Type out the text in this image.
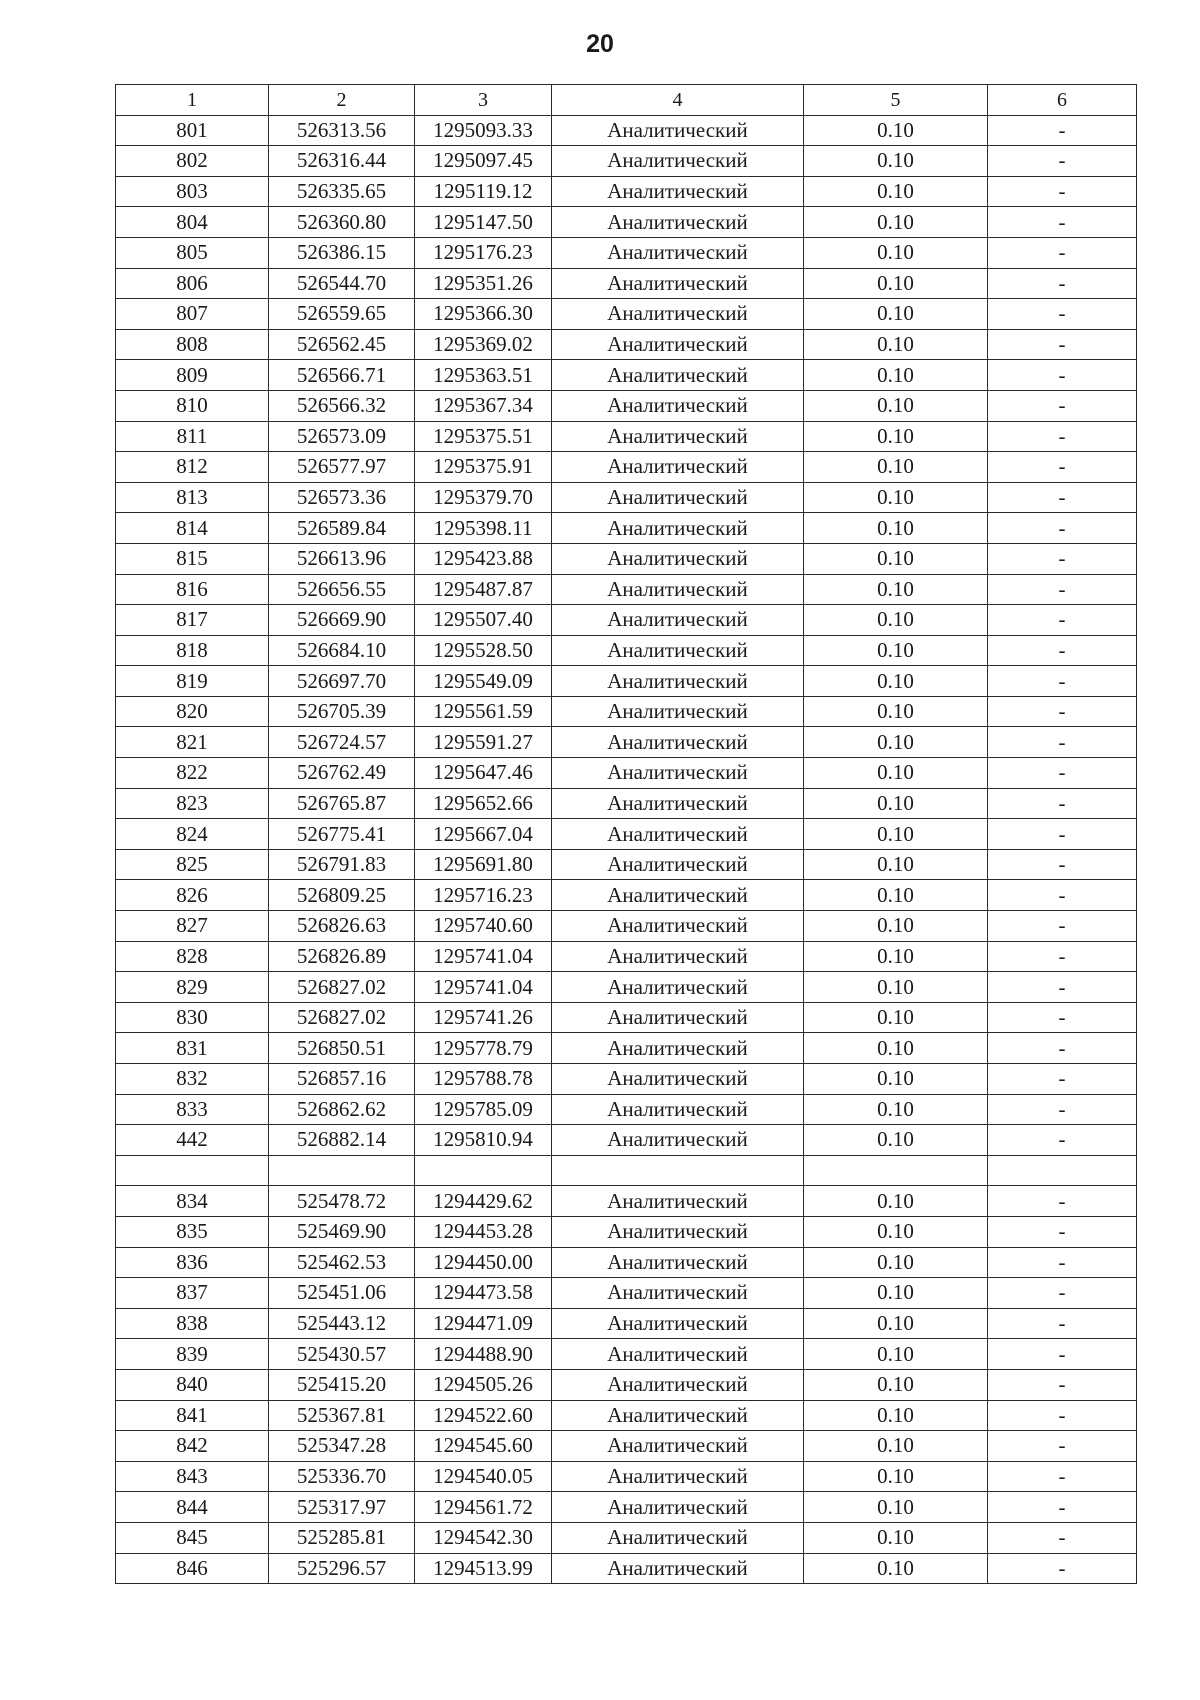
20
1	2	3	4	5	6
801	526313.56	1295093.33	Аналитический	0.10	-
802	526316.44	1295097.45	Аналитический	0.10	-
803	526335.65	1295119.12	Аналитический	0.10	-
804	526360.80	1295147.50	Аналитический	0.10	-
805	526386.15	1295176.23	Аналитический	0.10	-
806	526544.70	1295351.26	Аналитический	0.10	-
807	526559.65	1295366.30	Аналитический	0.10	-
808	526562.45	1295369.02	Аналитический	0.10	-
809	526566.71	1295363.51	Аналитический	0.10	-
810	526566.32	1295367.34	Аналитический	0.10	-
811	526573.09	1295375.51	Аналитический	0.10	-
812	526577.97	1295375.91	Аналитический	0.10	-
813	526573.36	1295379.70	Аналитический	0.10	-
814	526589.84	1295398.11	Аналитический	0.10	-
815	526613.96	1295423.88	Аналитический	0.10	-
816	526656.55	1295487.87	Аналитический	0.10	-
817	526669.90	1295507.40	Аналитический	0.10	-
818	526684.10	1295528.50	Аналитический	0.10	-
819	526697.70	1295549.09	Аналитический	0.10	-
820	526705.39	1295561.59	Аналитический	0.10	-
821	526724.57	1295591.27	Аналитический	0.10	-
822	526762.49	1295647.46	Аналитический	0.10	-
823	526765.87	1295652.66	Аналитический	0.10	-
824	526775.41	1295667.04	Аналитический	0.10	-
825	526791.83	1295691.80	Аналитический	0.10	-
826	526809.25	1295716.23	Аналитический	0.10	-
827	526826.63	1295740.60	Аналитический	0.10	-
828	526826.89	1295741.04	Аналитический	0.10	-
829	526827.02	1295741.04	Аналитический	0.10	-
830	526827.02	1295741.26	Аналитический	0.10	-
831	526850.51	1295778.79	Аналитический	0.10	-
832	526857.16	1295788.78	Аналитический	0.10	-
833	526862.62	1295785.09	Аналитический	0.10	-
442	526882.14	1295810.94	Аналитический	0.10	-

834	525478.72	1294429.62	Аналитический	0.10	-
835	525469.90	1294453.28	Аналитический	0.10	-
836	525462.53	1294450.00	Аналитический	0.10	-
837	525451.06	1294473.58	Аналитический	0.10	-
838	525443.12	1294471.09	Аналитический	0.10	-
839	525430.57	1294488.90	Аналитический	0.10	-
840	525415.20	1294505.26	Аналитический	0.10	-
841	525367.81	1294522.60	Аналитический	0.10	-
842	525347.28	1294545.60	Аналитический	0.10	-
843	525336.70	1294540.05	Аналитический	0.10	-
844	525317.97	1294561.72	Аналитический	0.10	-
845	525285.81	1294542.30	Аналитический	0.10	-
846	525296.57	1294513.99	Аналитический	0.10	-
